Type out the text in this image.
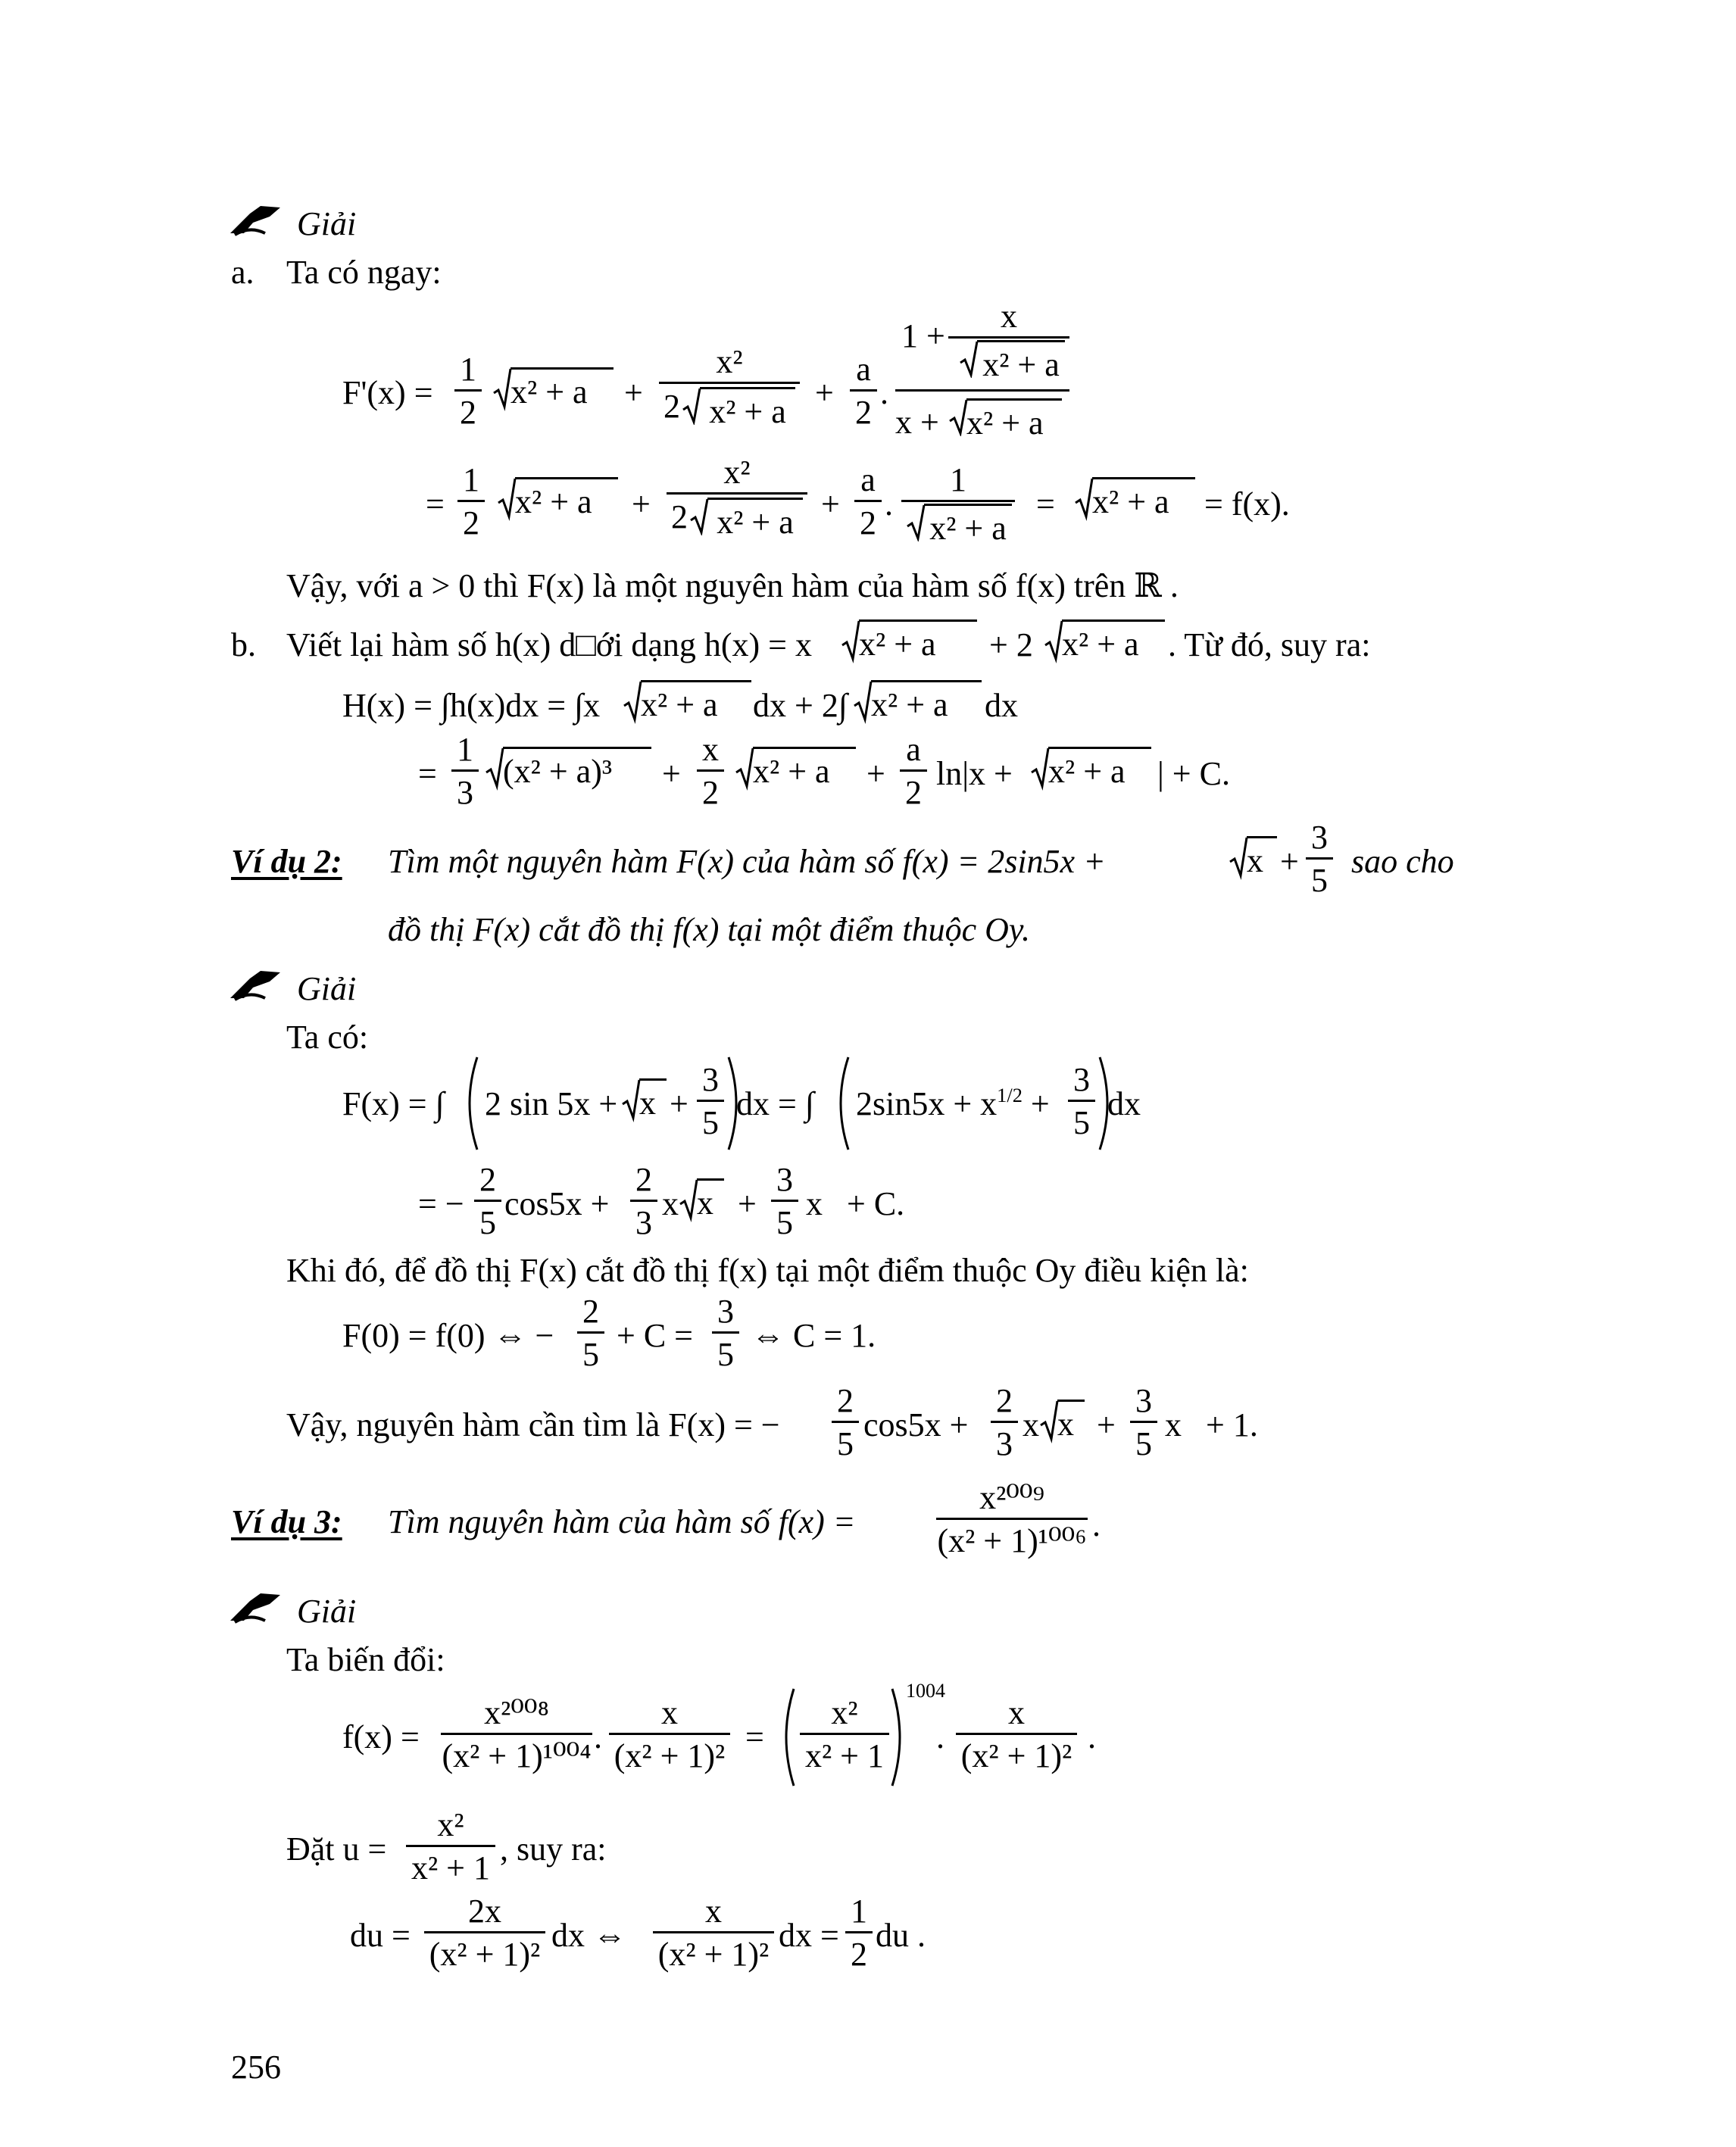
Giải
a. Ta có ngay:
F'(x) =
1
2
x² + a	+
x²
2 x² + a
+
a
2
.
1 +
x
x² + a
x + x² + a
=
1
2
x² + a	+
x²
2 x² + a +
a
2
.
1
x² + a
= x² + a	= f(x).
Vậy, với a > 0 thì F(x) là một nguyên hàm của hàm số f(x) trên ℝ .
b. Viết lại hàm số h(x) d□ới dạng h(x) = x x² + a	+ 2 x² + a . Từ đó, suy ra:
H(x) = ∫h(x)dx = ∫x x² + a	dx + 2∫ x² + a	dx
=
1
3
(x² + a)³	+
x
2
x² + a	+
a
2
ln|x + x² + a | + C.
Ví dụ 2: Tìm một nguyên hàm F(x) của hàm số f(x) = 2sin5x +	x +
3
5
sao cho
đồ thị F(x) cắt đồ thị f(x) tại một điểm thuộc Oy.
Giải
Ta có:
F(x) = ∫ 2 sin 5x + x +
3
5
dx = ∫ $2\sin 5x + x^{1/2}$ +
3
5
dx
= −
2
5
cos5x +
2
3
x x +
3
5
x + C.
Khi đó, để đồ thị F(x) cắt đồ thị f(x) tại một điểm thuộc Oy điều kiện là:
F(0) = f(0) ⇔ −
2
5
+ C =
3
5
⇔ C = 1.
Vậy, nguyên hàm cần tìm là F(x) = −
2
5
cos5x +
2
3
x x +
3
5
x + 1.
Ví dụ 3: Tìm nguyên hàm của hàm số f(x) =
x²⁰⁰⁹
(x² + 1)¹⁰⁰⁶ .
Giải
Ta biến đổi:
f(x) =
x²⁰⁰⁸
(x² + 1)¹⁰⁰⁴
.
x
(x² + 1)²
=
x²
x² + 1
1004
.
x
(x² + 1)²
.
Đặt u =
x²
x² + 1
, suy ra:
du =
2x
(x² + 1)²
dx ⇔
x
(x² + 1)²
dx =
1
2
du .
256
